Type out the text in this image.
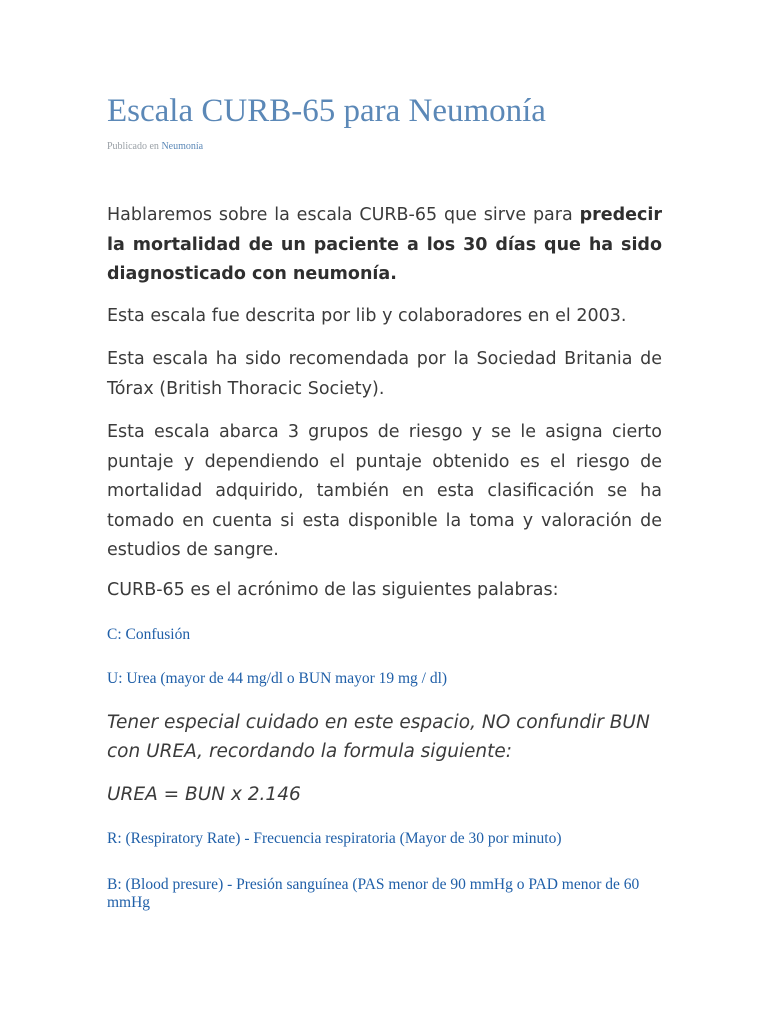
Escala CURB-65 para Neumonía
Publicado en Neumonía

Hablaremos sobre la escala CURB-65 que sirve para predecir la mortalidad de un paciente a los 30 días que ha sido diagnosticado con neumonía.

Esta escala fue descrita por lib y colaboradores en el 2003.

Esta escala ha sido recomendada por la Sociedad Britania de Tórax (British Thoracic Society).

Esta escala abarca 3 grupos de riesgo y se le asigna cierto puntaje y dependiendo el puntaje obtenido es el riesgo de mortalidad adquirido, también en esta clasificación se ha tomado en cuenta si esta disponible la toma y valoración de estudios de sangre.

CURB-65 es el acrónimo de las siguientes palabras:

C: Confusión
U: Urea (mayor de 44 mg/dl o BUN mayor 19 mg / dl)

Tener especial cuidado en este espacio, NO confundir BUN con UREA, recordando la formula siguiente:

UREA = BUN x 2.146

R: (Respiratory Rate) - Frecuencia respiratoria (Mayor de 30 por minuto)
B: (Blood presure) - Presión sanguínea (PAS menor de 90 mmHg o PAD menor de 60 mmHg
